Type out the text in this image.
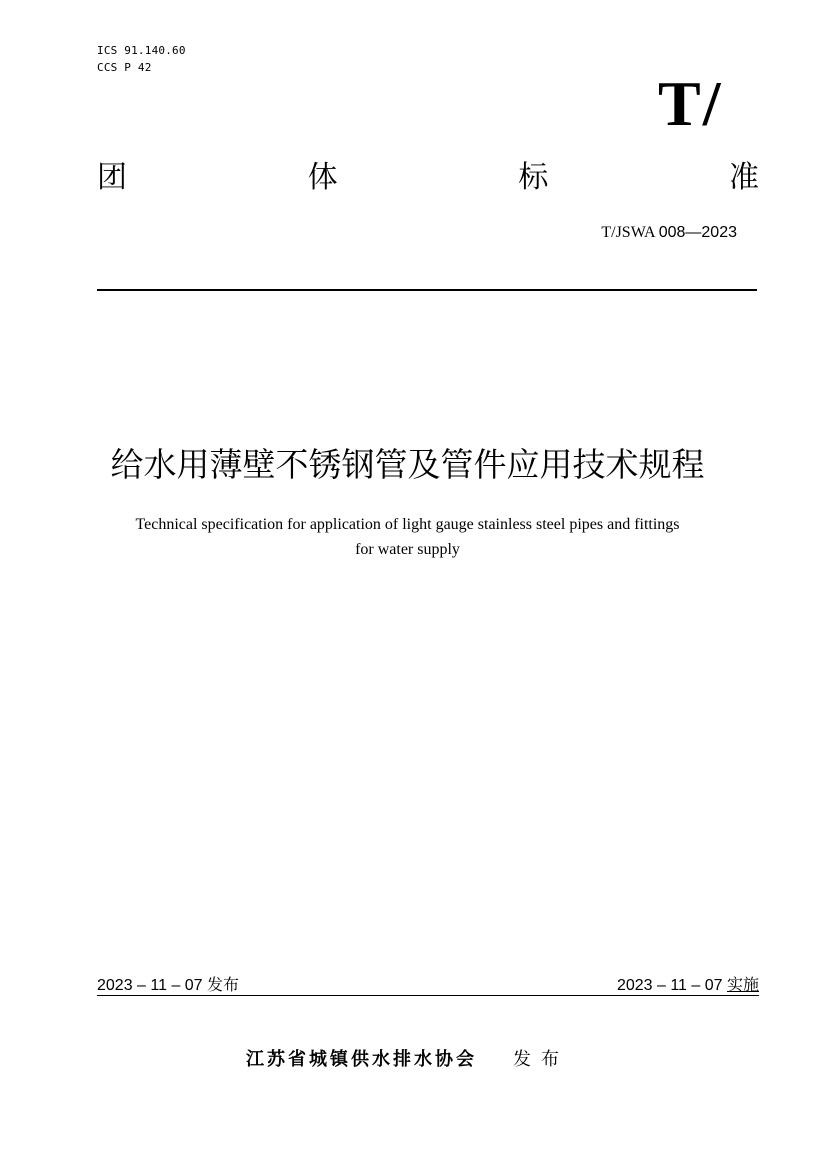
ICS 91.140.60
CCS P 42
T/
团	体	标	准
T/JSWA 008—2023
给水用薄壁不锈钢管及管件应用技术规程
Technical specification for application of light gauge stainless steel pipes and fittings
for water supply
2023 – 11 – 07 发布	2023 – 11 – 07 实施
江苏省城镇供水排水协会 发布
